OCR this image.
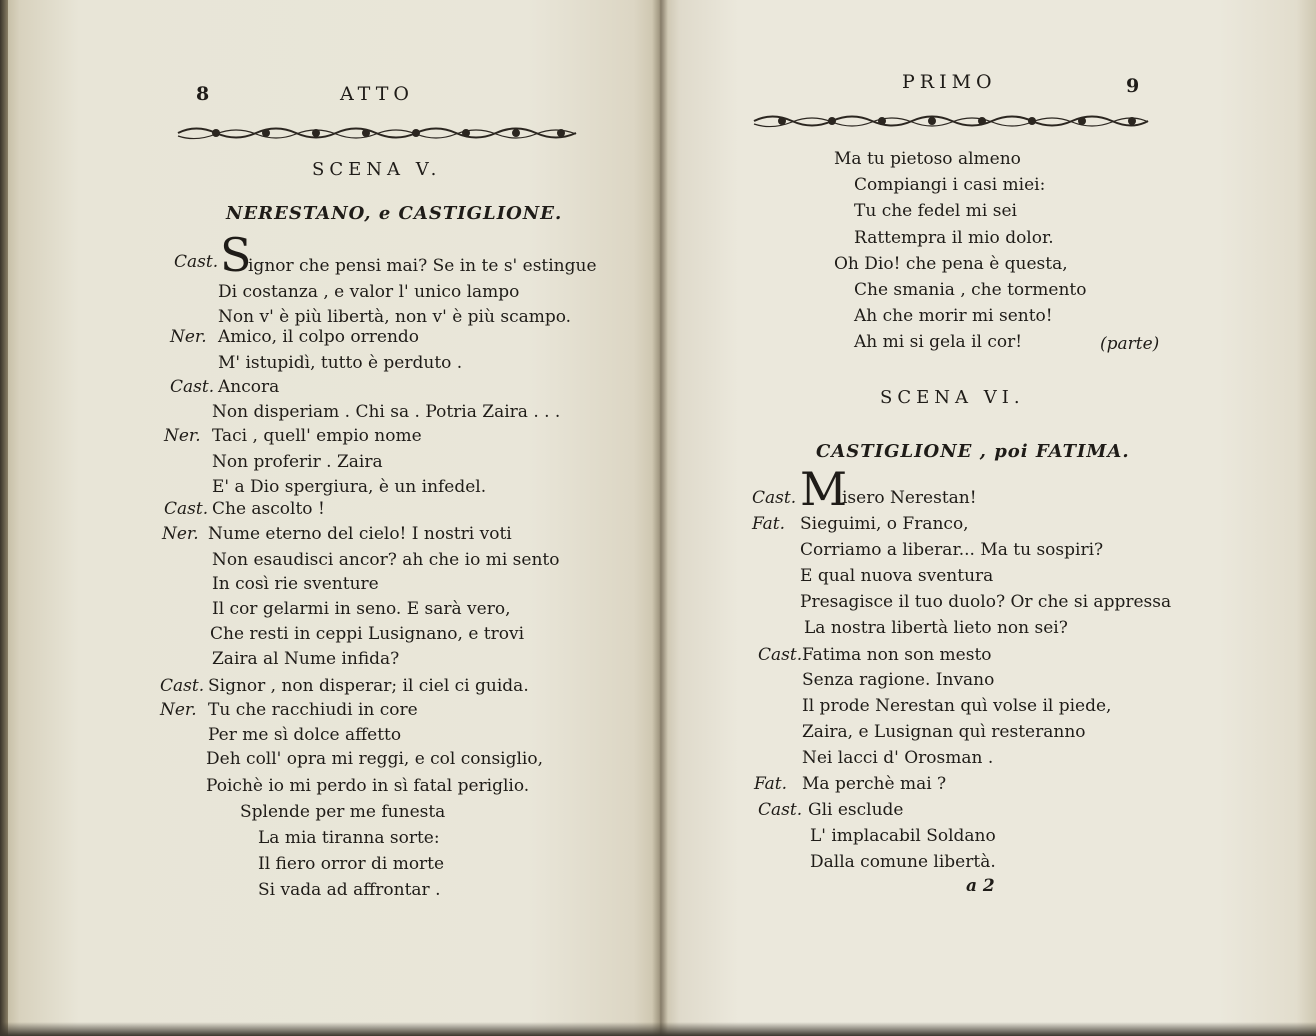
8	ATTO
SCENA V.
NERESTANO, e CASTIGLIONE.
S
Cast. ignor che pensi mai? Se in te s' estingue
Di costanza , e valor l' unico lampo
Non v' è più libertà, non v' è più scampo.
Ner. Amico, il colpo orrendo
M' istupidì, tutto è perduto .
Cast. Ancora
Non disperiam . Chi sa . Potria Zaira . . .
Ner. Taci , quell' empio nome
Non proferir . Zaira
E' a Dio spergiura, è un infedel.
Cast. Che ascolto !
Ner. Nume eterno del cielo! I nostri voti
Non esaudisci ancor? ah che io mi sento
In così rie sventure
Il cor gelarmi in seno. E sarà vero,
Che resti in ceppi Lusignano, e trovi
Zaira al Nume infida?
Cast. Signor , non disperar; il ciel ci guida.
Ner. Tu che racchiudi in core
Per me sì dolce affetto
Deh coll' opra mi reggi, e col consiglio,
Poichè io mi perdo in sì fatal periglio.
Splende per me funesta
La mia tiranna sorte:
Il fiero orror di morte
Si vada ad affrontar .
PRIMO	9
Ma tu pietoso almeno
Compiangi i casi miei:
Tu che fedel mi sei
Rattempra il mio dolor.
Oh Dio! che pena è questa,
Che smania , che tormento
Ah che morir mi sento!
Ah mi si gela il cor!	(parte)
SCENA VI.
CASTIGLIONE , poi FATIMA.
Cast. M
isero Nerestan!
Fat. Sieguimi, o Franco,
Corriamo a liberar... Ma tu sospiri?
E qual nuova sventura
Presagisce il tuo duolo? Or che si appressa
La nostra libertà lieto non sei?
Cast. Fatima non son mesto
Senza ragione. Invano
Il prode Nerestan quì volse il piede,
Zaira, e Lusignan quì resteranno
Nei lacci d' Orosman .
Fat. Ma perchè mai ?
Cast. Gli esclude
L' implacabil Soldano
Dalla comune libertà.
a 2
